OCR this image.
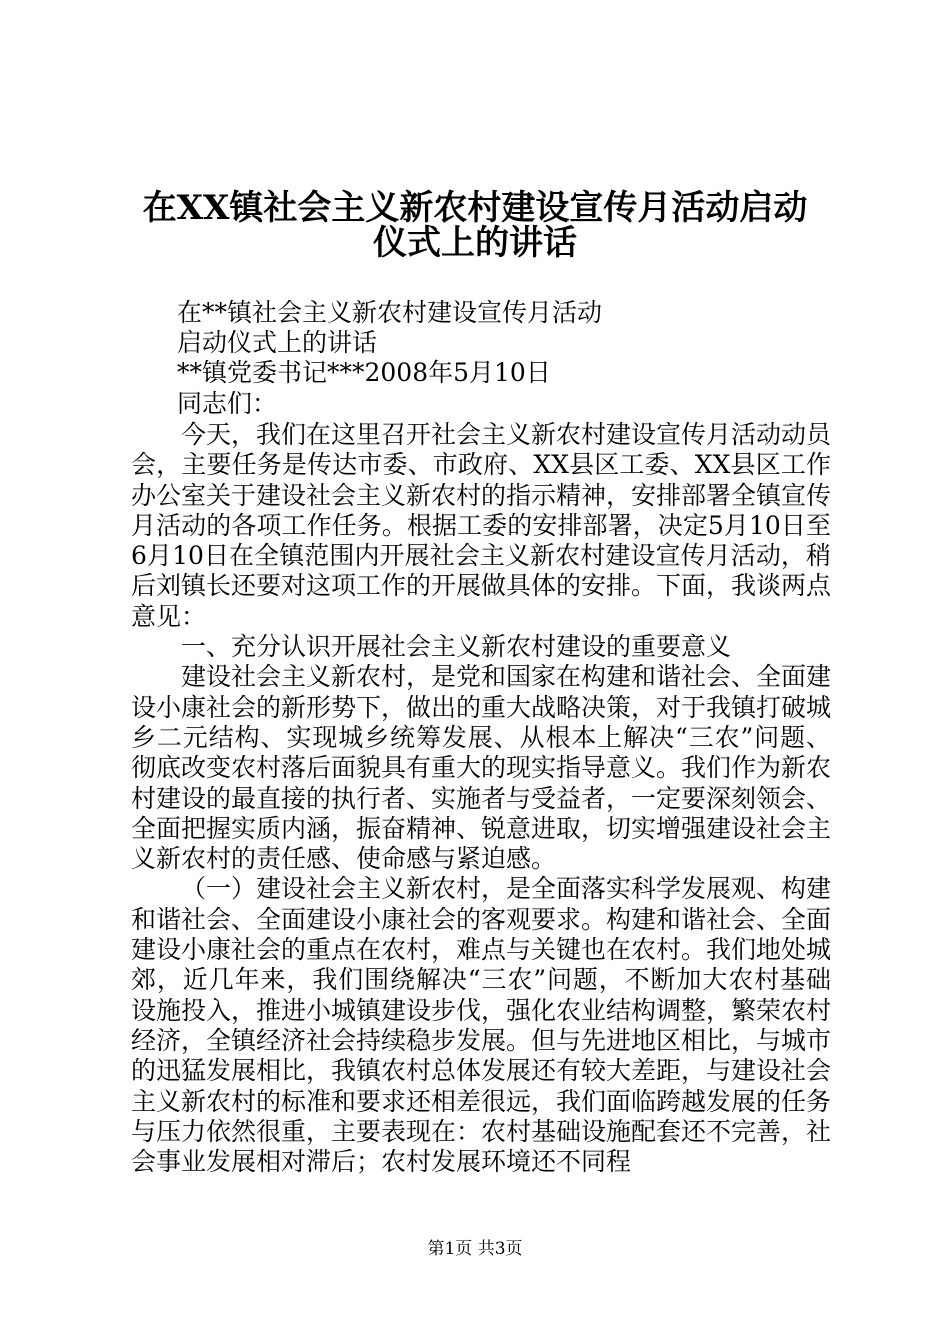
在XX镇社会主义新农村建设宣传月活动启动
仪式上的讲话

在**镇社会主义新农村建设宣传月活动

启动仪式上的讲话

**镇党委书记***2008年5月10日

同志们：

今天，我们在这里召开社会主义新农村建设宣传月活动动员会，主要任务是传达市委、市政府、XX县区工委、XX县区工作办公室关于建设社会主义新农村的指示精神，安排部署全镇宣传月活动的各项工作任务。根据工委的安排部署，决定5月10日至6月10日在全镇范围内开展社会主义新农村建设宣传月活动，稍后刘镇长还要对这项工作的开展做具体的安排。下面，我谈两点意见：

一、充分认识开展社会主义新农村建设的重要意义

建设社会主义新农村，是党和国家在构建和谐社会、全面建设小康社会的新形势下，做出的重大战略决策，对于我镇打破城乡二元结构、实现城乡统筹发展、从根本上解决“三农”问题、彻底改变农村落后面貌具有重大的现实指导意义。我们作为新农村建设的最直接的执行者、实施者与受益者，一定要深刻领会、全面把握实质内涵，振奋精神、锐意进取，切实增强建设社会主义新农村的责任感、使命感与紧迫感。

（一）建设社会主义新农村，是全面落实科学发展观、构建和谐社会、全面建设小康社会的客观要求。构建和谐社会、全面建设小康社会的重点在农村，难点与关键也在农村。我们地处城郊，近几年来，我们围绕解决“三农”问题，不断加大农村基础设施投入，推进小城镇建设步伐，强化农业结构调整，繁荣农村经济，全镇经济社会持续稳步发展。但与先进地区相比，与城市的迅猛发展相比，我镇农村总体发展还有较大差距，与建设社会主义新农村的标准和要求还相差很远，我们面临跨越发展的任务与压力依然很重，主要表现在：农村基础设施配套还不完善，社会事业发展相对滞后；农村发展环境还不同程

第1页 共3页
